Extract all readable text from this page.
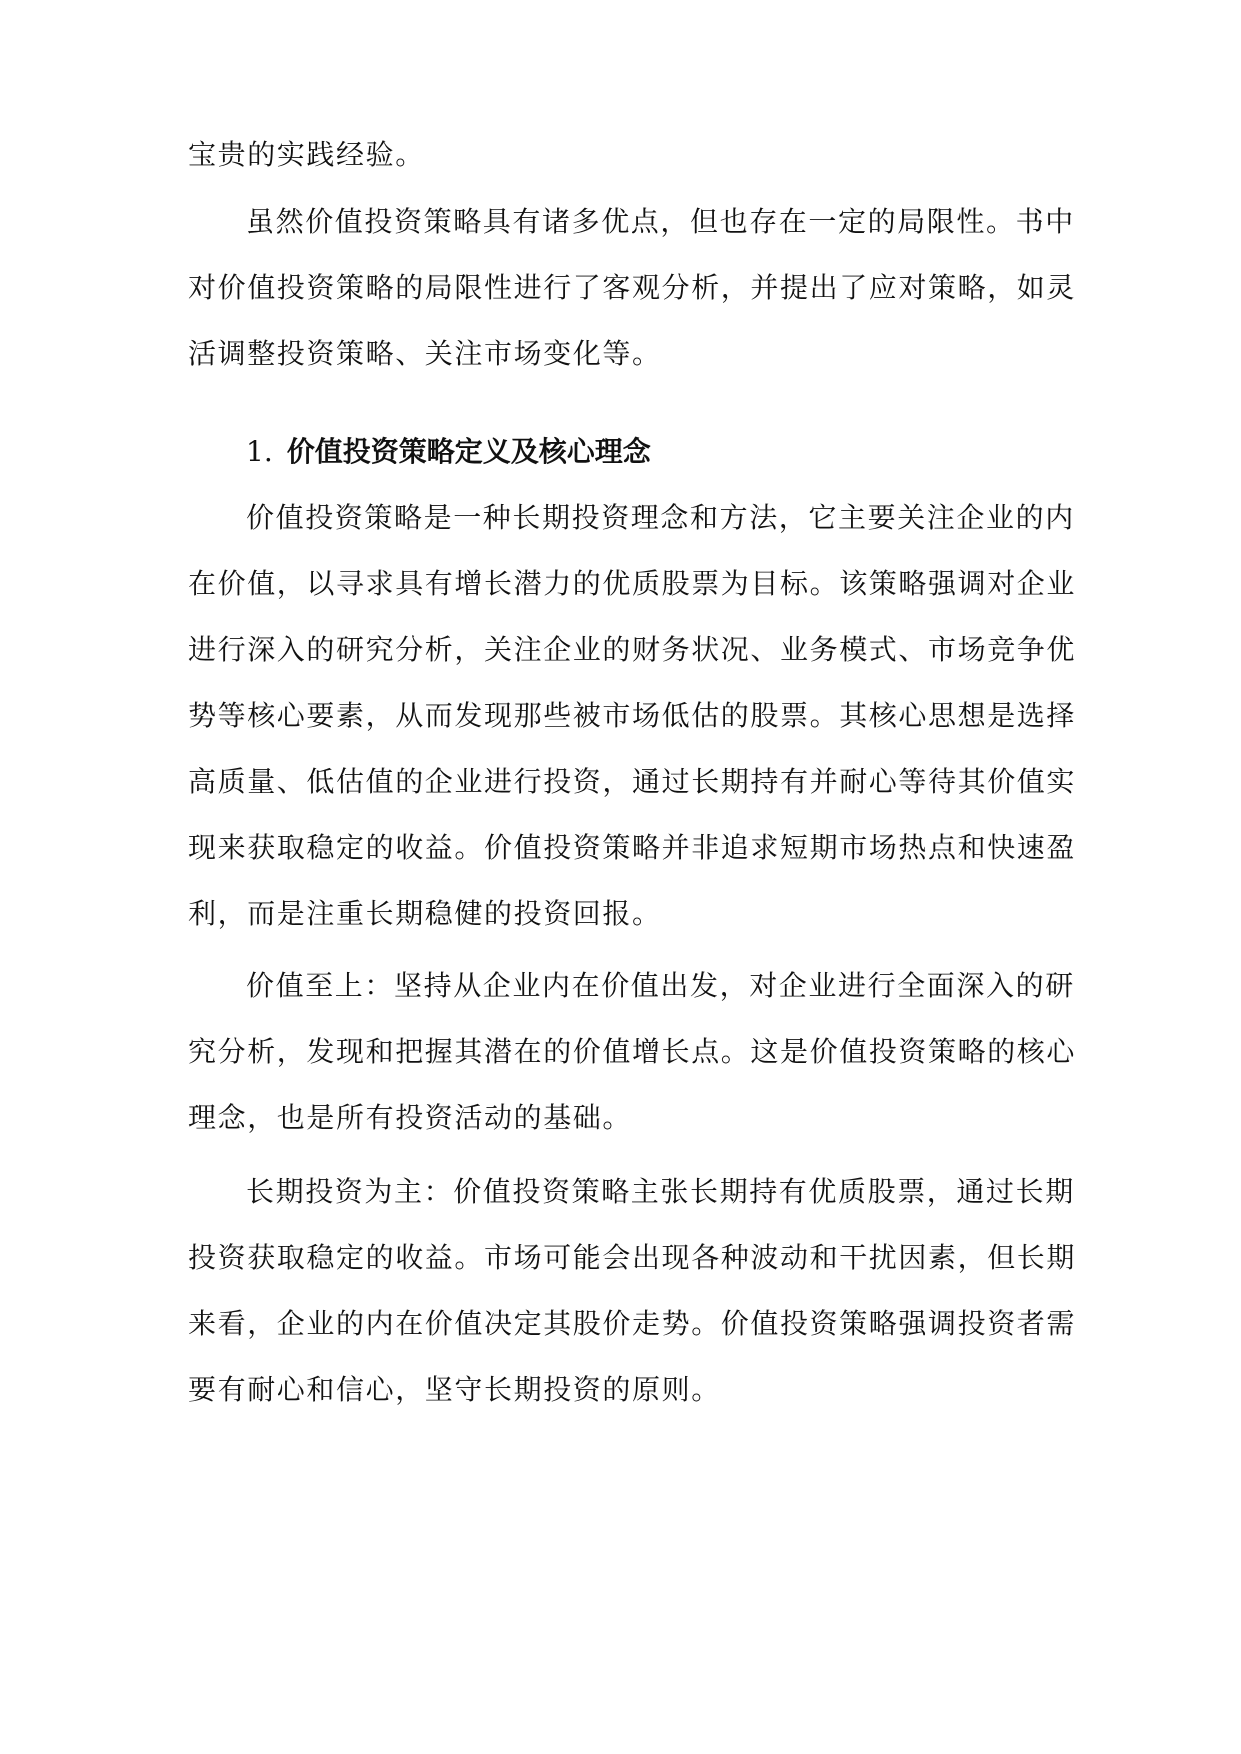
宝贵的实践经验。
虽然价值投资策略具有诸多优点，但也存在一定的局限性。书中
对价值投资策略的局限性进行了客观分析，并提出了应对策略，如灵
活调整投资策略、关注市场变化等。
1. 价值投资策略定义及核心理念
价值投资策略是一种长期投资理念和方法，它主要关注企业的内
在价值，以寻求具有增长潜力的优质股票为目标。该策略强调对企业
进行深入的研究分析，关注企业的财务状况、业务模式、市场竞争优
势等核心要素，从而发现那些被市场低估的股票。其核心思想是选择
高质量、低估值的企业进行投资，通过长期持有并耐心等待其价值实
现来获取稳定的收益。价值投资策略并非追求短期市场热点和快速盈
利，而是注重长期稳健的投资回报。
价值至上：坚持从企业内在价值出发，对企业进行全面深入的研
究分析，发现和把握其潜在的价值增长点。这是价值投资策略的核心
理念，也是所有投资活动的基础。
长期投资为主：价值投资策略主张长期持有优质股票，通过长期
投资获取稳定的收益。市场可能会出现各种波动和干扰因素，但长期
来看，企业的内在价值决定其股价走势。价值投资策略强调投资者需
要有耐心和信心，坚守长期投资的原则。
